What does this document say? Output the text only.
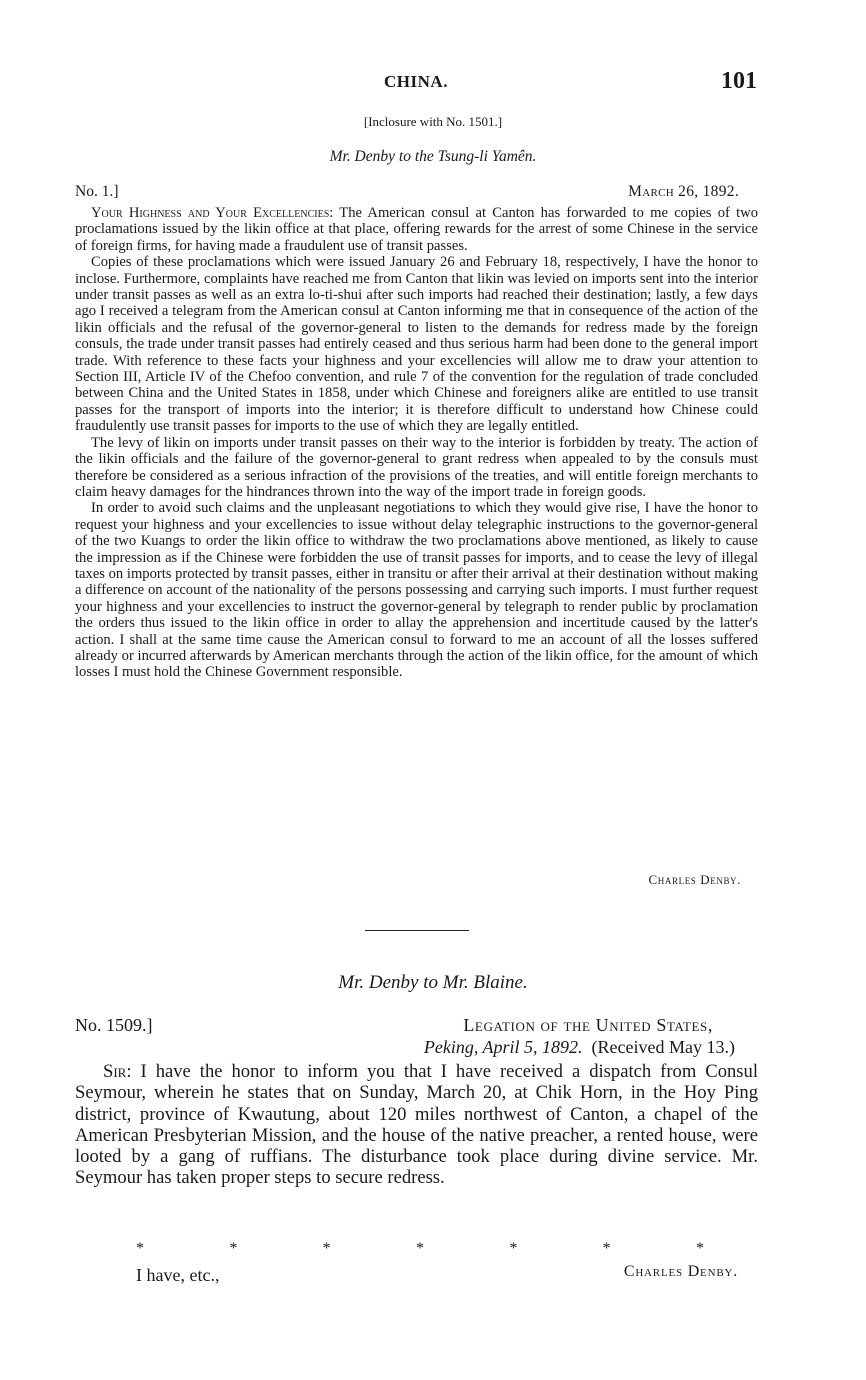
CHINA.	101
[Inclosure with No. 1501.]
Mr. Denby to the Tsung-li Yamên.
No. 1.]	March 26, 1892.

Your Highness and Your Excellencies: The American consul at Canton has forwarded to me copies of two proclamations issued by the likin office at that place, offering rewards for the arrest of some Chinese in the service of foreign firms, for having made a fraudulent use of transit passes.

Copies of these proclamations which were issued January 26 and February 18, respectively, I have the honor to inclose. Furthermore, complaints have reached me from Canton that likin was levied on imports sent into the interior under transit passes as well as an extra lo-ti-shui after such imports had reached their destination; lastly, a few days ago I received a telegram from the American consul at Canton informing me that in consequence of the action of the likin officials and the refusal of the governor-general to listen to the demands for redress made by the foreign consuls, the trade under transit passes had entirely ceased and thus serious harm had been done to the general import trade. With reference to these facts your highness and your excellencies will allow me to draw your attention to Section III, Article IV of the Chefoo convention, and rule 7 of the convention for the regulation of trade concluded between China and the United States in 1858, under which Chinese and foreigners alike are entitled to use transit passes for the transport of imports into the interior; it is therefore difficult to understand how Chinese could fraudulently use transit passes for imports to the use of which they are legally entitled.

The levy of likin on imports under transit passes on their way to the interior is forbidden by treaty. The action of the likin officials and the failure of the governor-general to grant redress when appealed to by the consuls must therefore be considered as a serious infraction of the provisions of the treaties, and will entitle foreign merchants to claim heavy damages for the hindrances thrown into the way of the import trade in foreign goods.

In order to avoid such claims and the unpleasant negotiations to which they would give rise, I have the honor to request your highness and your excellencies to issue without delay telegraphic instructions to the governor-general of the two Kuangs to order the likin office to withdraw the two proclamations above mentioned, as likely to cause the impression as if the Chinese were forbidden the use of transit passes for imports, and to cease the levy of illegal taxes on imports protected by transit passes, either in transitu or after their arrival at their destination without making a difference on account of the nationality of the persons possessing and carrying such imports. I must further request your highness and your excellencies to instruct the governor-general by telegraph to render public by proclamation the orders thus issued to the likin office in order to allay the apprehension and incertitude caused by the latter's action. I shall at the same time cause the American consul to forward to me an account of all the losses suffered already or incurred afterwards by American merchants through the action of the likin office, for the amount of which losses I must hold the Chinese Government responsible.

Charles Denby.
Mr. Denby to Mr. Blaine.
No. 1509.]	Legation of the United States,
Peking, April 5, 1892. (Received May 13.)

Sir: I have the honor to inform you that I have received a dispatch from Consul Seymour, wherein he states that on Sunday, March 20, at Chik Horn, in the Hoy Ping district, province of Kwautung, about 120 miles northwest of Canton, a chapel of the American Presbyterian Mission, and the house of the native preacher, a rented house, were looted by a gang of ruffians. The disturbance took place during divine service. Mr. Seymour has taken proper steps to secure redress.

*	*	*	*	*	*	*
I have, etc.,	Charles Denby.
